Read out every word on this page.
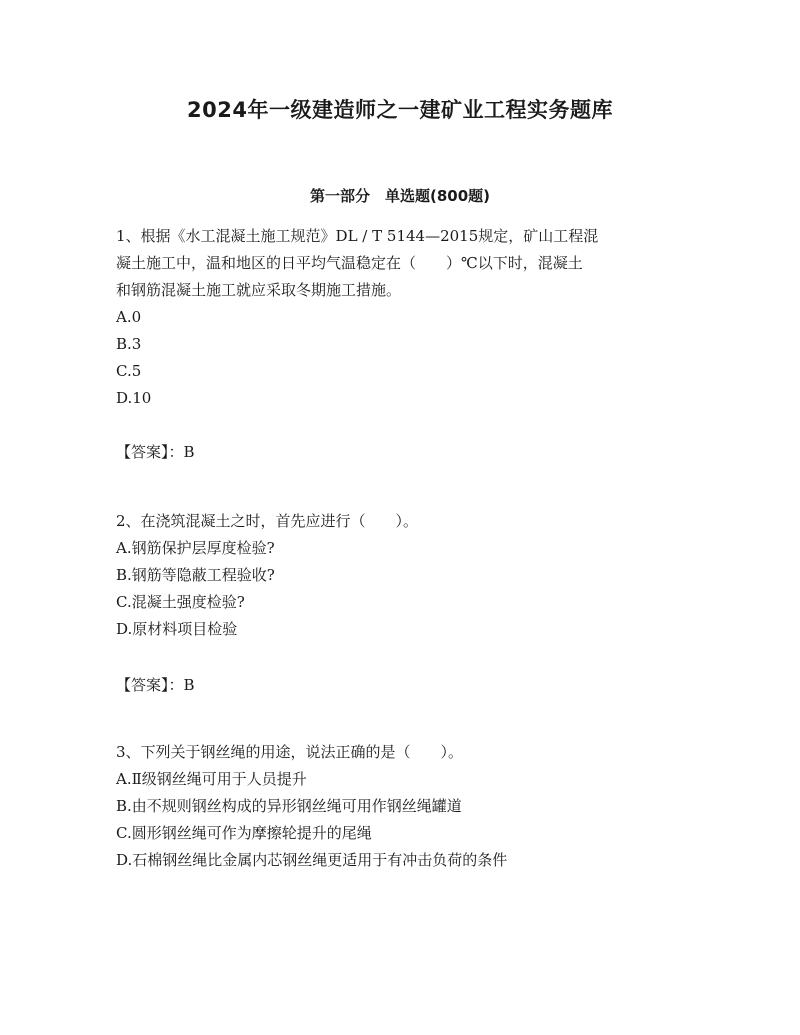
2024年一级建造师之一建矿业工程实务题库
第一部分　单选题(800题)
1、根据《水工混凝土施工规范》DL / T 5144—2015规定，矿山工程混
凝土施工中，温和地区的日平均气温稳定在（　　）℃以下时，混凝土
和钢筋混凝土施工就应采取冬期施工措施。
A.0
B.3
C.5
D.10
【答案】：B
2、在浇筑混凝土之时，首先应进行（　　）。
A.钢筋保护层厚度检验?
B.钢筋等隐蔽工程验收?
C.混凝土强度检验?
D.原材料项目检验
【答案】：B
3、下列关于钢丝绳的用途，说法正确的是（　　）。
A.Ⅱ级钢丝绳可用于人员提升
B.由不规则钢丝构成的异形钢丝绳可用作钢丝绳罐道
C.圆形钢丝绳可作为摩擦轮提升的尾绳
D.石棉钢丝绳比金属内芯钢丝绳更适用于有冲击负荷的条件
